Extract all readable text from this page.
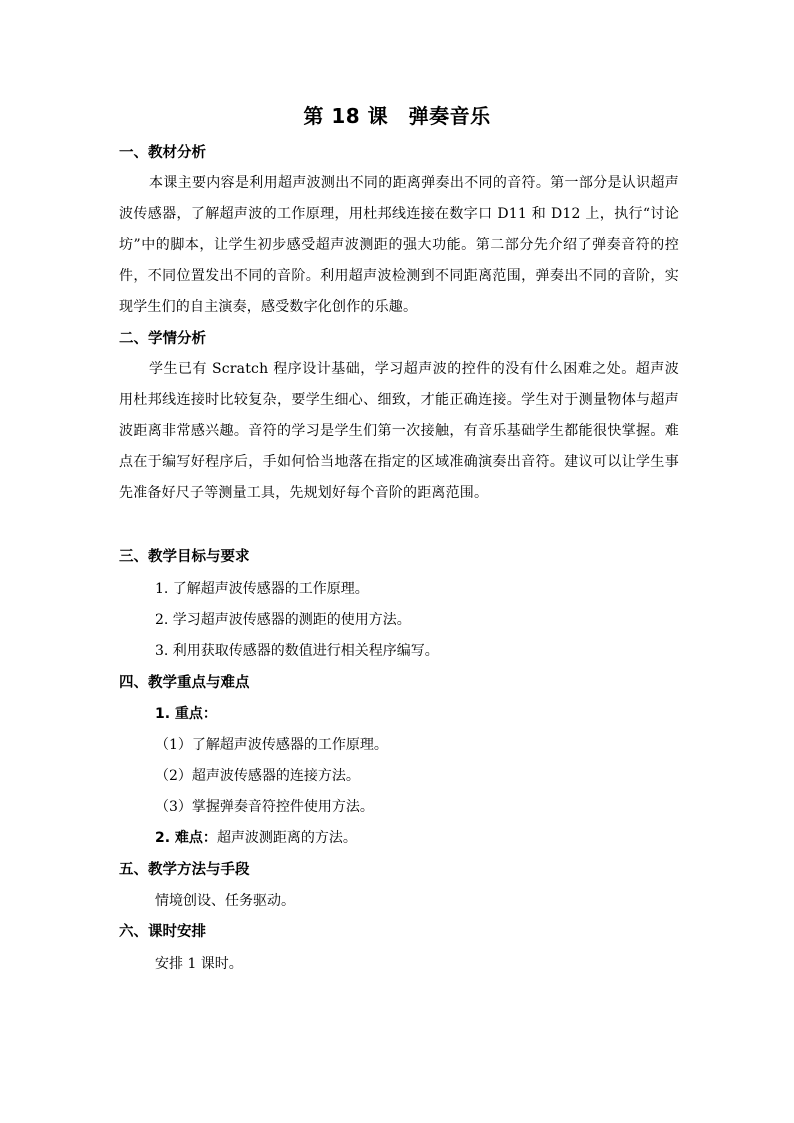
第 18 课　弹奏音乐
一、教材分析
本课主要内容是利用超声波测出不同的距离弹奏出不同的音符。第一部分是认识超声波传感器，了解超声波的工作原理，用杜邦线连接在数字口 D11 和 D12 上，执行“讨论坊”中的脚本，让学生初步感受超声波测距的强大功能。第二部分先介绍了弹奏音符的控件，不同位置发出不同的音阶。利用超声波检测到不同距离范围，弹奏出不同的音阶，实现学生们的自主演奏，感受数字化创作的乐趣。
二、学情分析
学生已有 Scratch 程序设计基础，学习超声波的控件的没有什么困难之处。超声波用杜邦线连接时比较复杂，要学生细心、细致，才能正确连接。学生对于测量物体与超声波距离非常感兴趣。音符的学习是学生们第一次接触，有音乐基础学生都能很快掌握。难点在于编写好程序后，手如何恰当地落在指定的区域准确演奏出音符。建议可以让学生事先准备好尺子等测量工具，先规划好每个音阶的距离范围。
三、教学目标与要求
1. 了解超声波传感器的工作原理。
2. 学习超声波传感器的测距的使用方法。
3. 利用获取传感器的数值进行相关程序编写。
四、教学重点与难点
1. 重点：
（1）了解超声波传感器的工作原理。
（2）超声波传感器的连接方法。
（3）掌握弹奏音符控件使用方法。
2. 难点：超声波测距离的方法。
五、教学方法与手段
情境创设、任务驱动。
六、课时安排
安排 1 课时。
